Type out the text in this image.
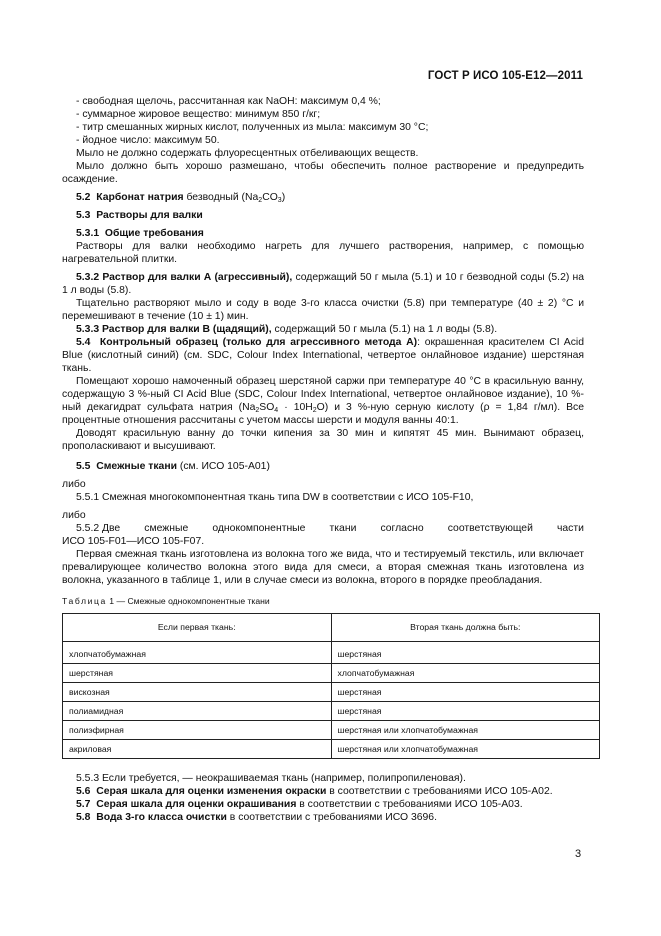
ГОСТ Р ИСО 105-Е12—2011

- свободная щелочь, рассчитанная как NaOH: максимум 0,4 %;

- суммарное жировое вещество: минимум 850 г/кг;

- титр смешанных жирных кислот, полученных из мыла: максимум 30 °С;

- йодное число: максимум 50.

Мыло не должно содержать флуоресцентных отбеливающих веществ.

Мыло должно быть хорошо размешано, чтобы обеспечить полное растворение и предупредить осаждение.

5.2 Карбонат натрия безводный $(Na_2CO_3)$

5.3 Растворы для валки

5.3.1 Общие требования

Растворы для валки необходимо нагреть для лучшего растворения, например, с помощью нагревательной плитки.

5.3.2 Раствор для валки А (агрессивный), содержащий 50 г мыла (5.1) и 10 г безводной соды (5.2) на 1 л воды (5.8).

Тщательно растворяют мыло и соду в воде 3-го класса очистки (5.8) при температуре (40 ± 2) °С и перемешивают в течение (10 ± 1) мин.

5.3.3 Раствор для валки В (щадящий), содержащий 50 г мыла (5.1) на 1 л воды (5.8).

5.4 Контрольный образец (только для агрессивного метода А): окрашенная красителем CI Acid Blue (кислотный синий) (см. SDC, Colour Index International, четвертое онлайновое издание) шерстяная ткань.

Помещают хорошо намоченный образец шерстяной саржи при температуре 40 °С в красильную ванну, содержащую 3 %-ный CI Acid Blue (SDC, Colour Index International, четвертое онлайновое издание), 10 %-ный декагидрат сульфата натрия $(Na_2SO_4 \cdot 10H_2O)$ и 3 %-ную серную кислоту (ρ = 1,84 г/мл). Все процентные отношения рассчитаны с учетом массы шерсти и модуля ванны 40:1.

Доводят красильную ванну до точки кипения за 30 мин и кипятят 45 мин. Вынимают образец, прополаскивают и высушивают.

5.5 Смежные ткани (см. ИСО 105-А01)

либо

5.5.1 Смежная многокомпонентная ткань типа DW в соответствии с ИСО 105-F10,

либо

5.5.2 Две смежные однокомпонентные ткани согласно соответствующей части

ИСО 105-F01—ИСО 105-F07.

Первая смежная ткань изготовлена из волокна того же вида, что и тестируемый текстиль, или включает превалирующее количество волокна этого вида для смеси, а вторая смежная ткань изготовлена из волокна, указанного в таблице 1, или в случае смеси из волокна, второго в порядке преобладания.

Таблица 1 — Смежные однокомпонентные ткани

Если первая ткань:	Вторая ткань должна быть:
хлопчатобумажная	шерстяная
шерстяная	хлопчатобумажная
вискозная	шерстяная
полиамидная	шерстяная
полиэфирная	шерстяная или хлопчатобумажная
акриловая	шерстяная или хлопчатобумажная

5.5.3 Если требуется, — неокрашиваемая ткань (например, полипропиленовая).

5.6 Серая шкала для оценки изменения окраски в соответствии с требованиями ИСО 105-А02.

5.7 Серая шкала для оценки окрашивания в соответствии с требованиями ИСО 105-А03.

5.8 Вода 3-го класса очистки в соответствии с требованиями ИСО 3696.

3
